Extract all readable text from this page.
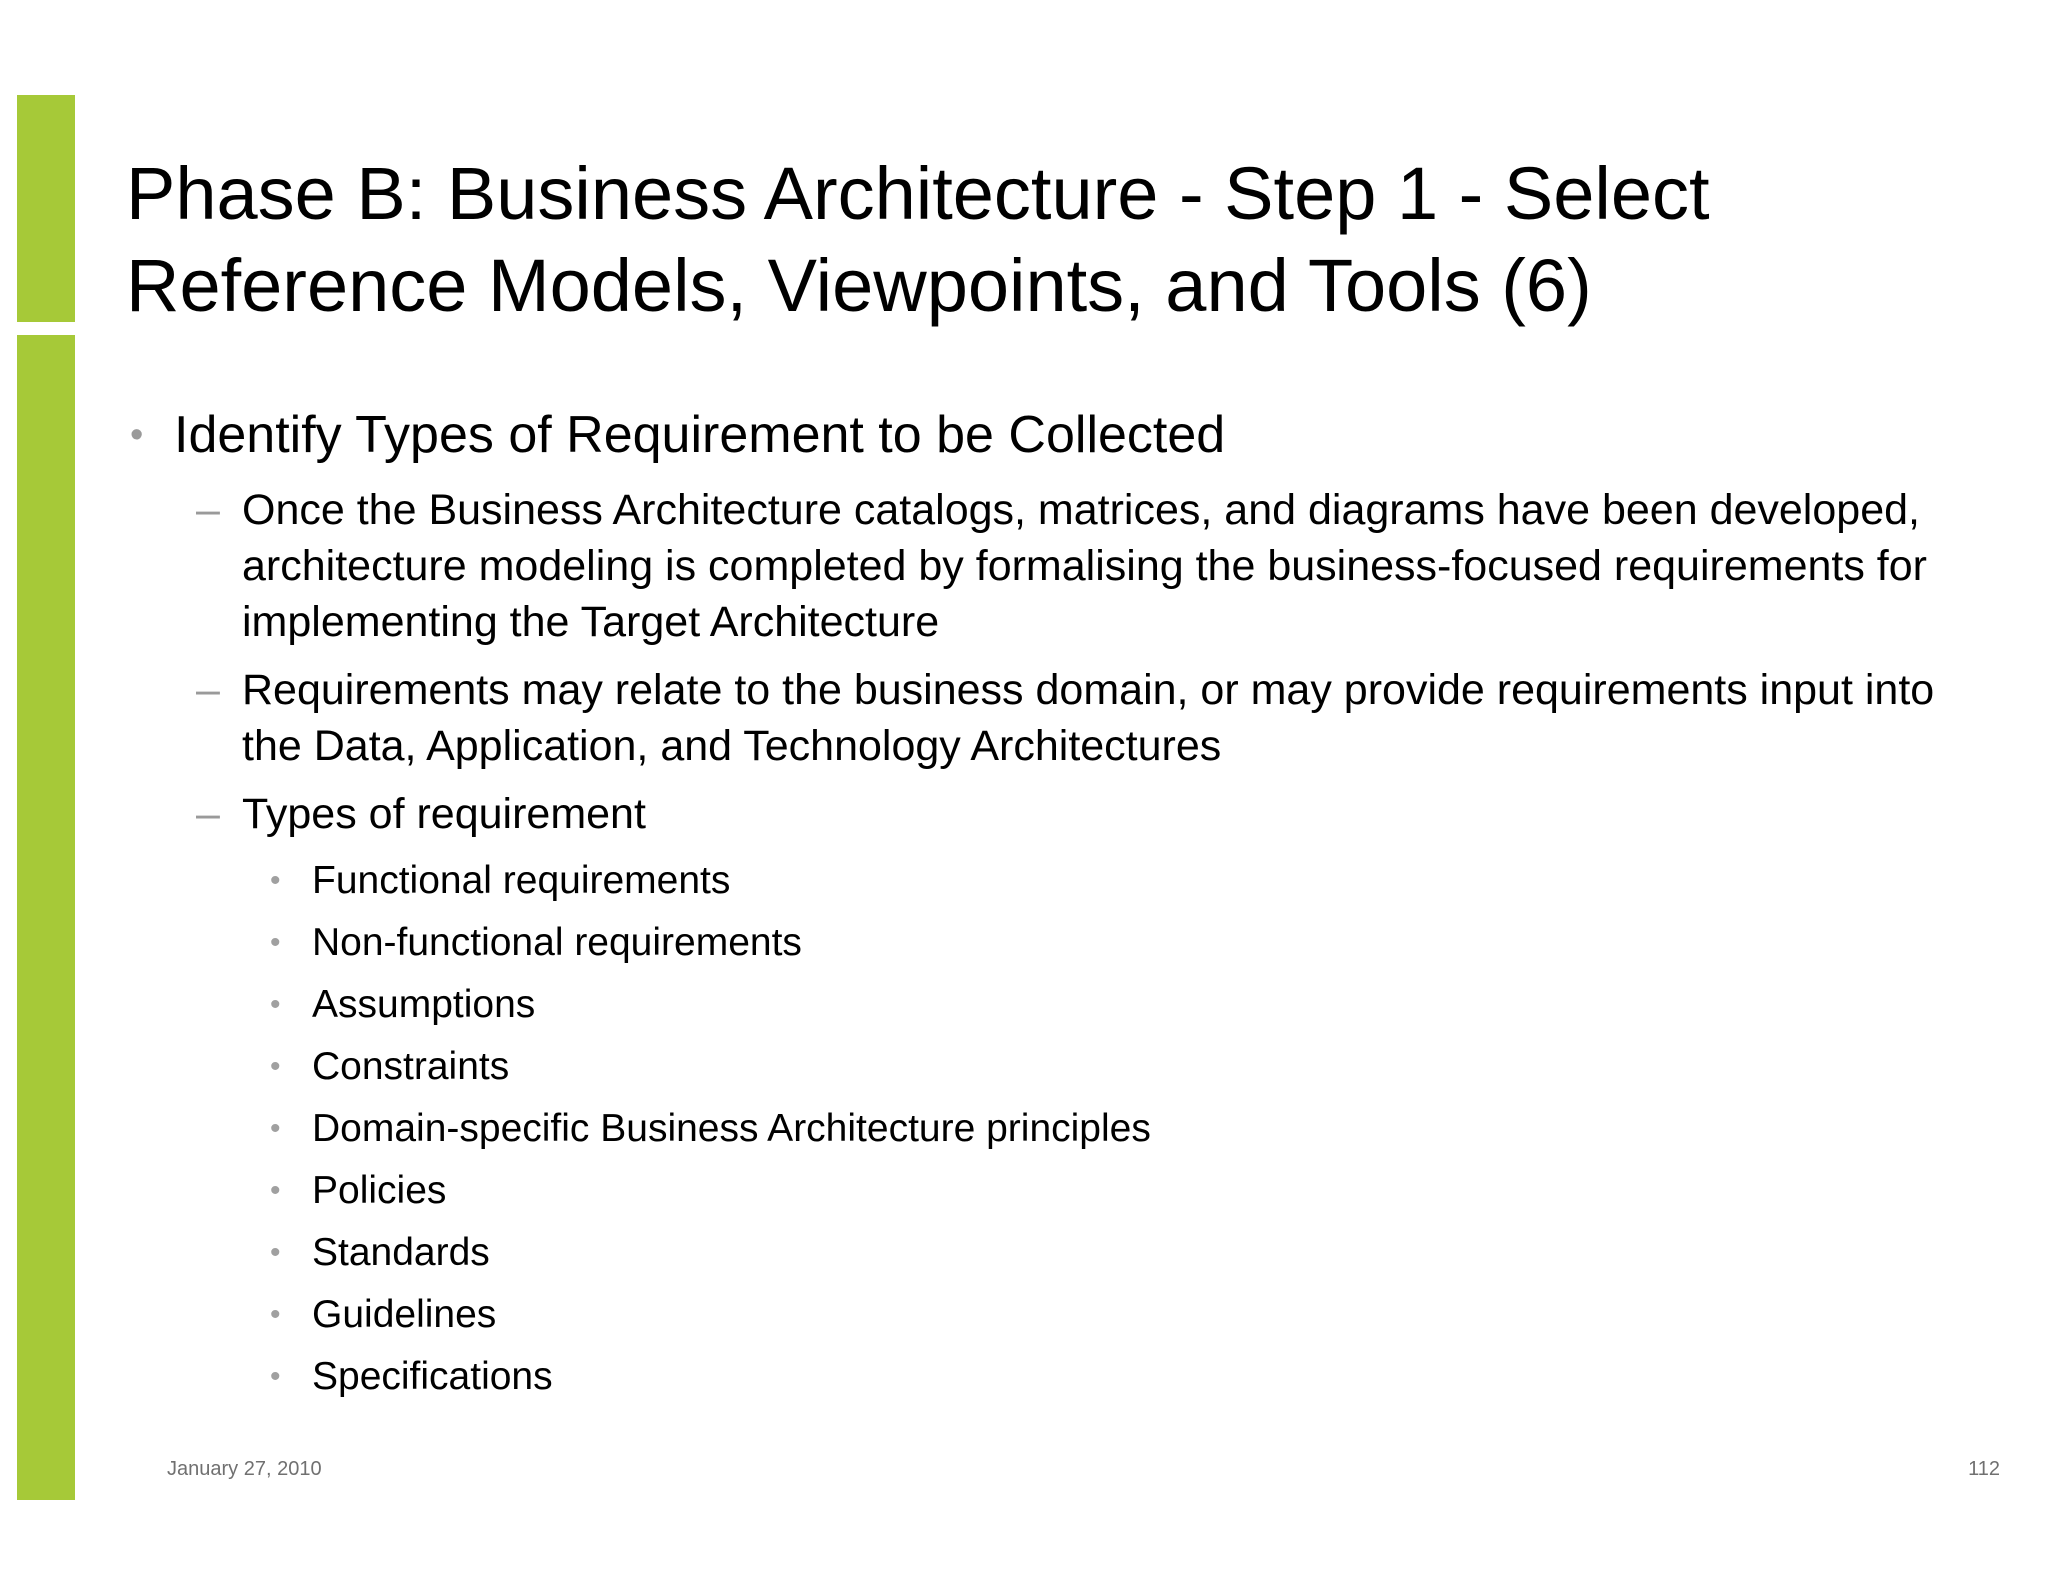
Phase B: Business Architecture - Step 1 - Select Reference Models, Viewpoints, and Tools (6)
• Identify Types of Requirement to be Collected
– Once the Business Architecture catalogs, matrices, and diagrams have been developed, architecture modeling is completed by formalising the business-focused requirements for implementing the Target Architecture
– Requirements may relate to the business domain, or may provide requirements input into the Data, Application, and Technology Architectures
– Types of requirement
• Functional requirements
• Non-functional requirements
• Assumptions
• Constraints
• Domain-specific Business Architecture principles
• Policies
• Standards
• Guidelines
• Specifications
January 27, 2010	112
